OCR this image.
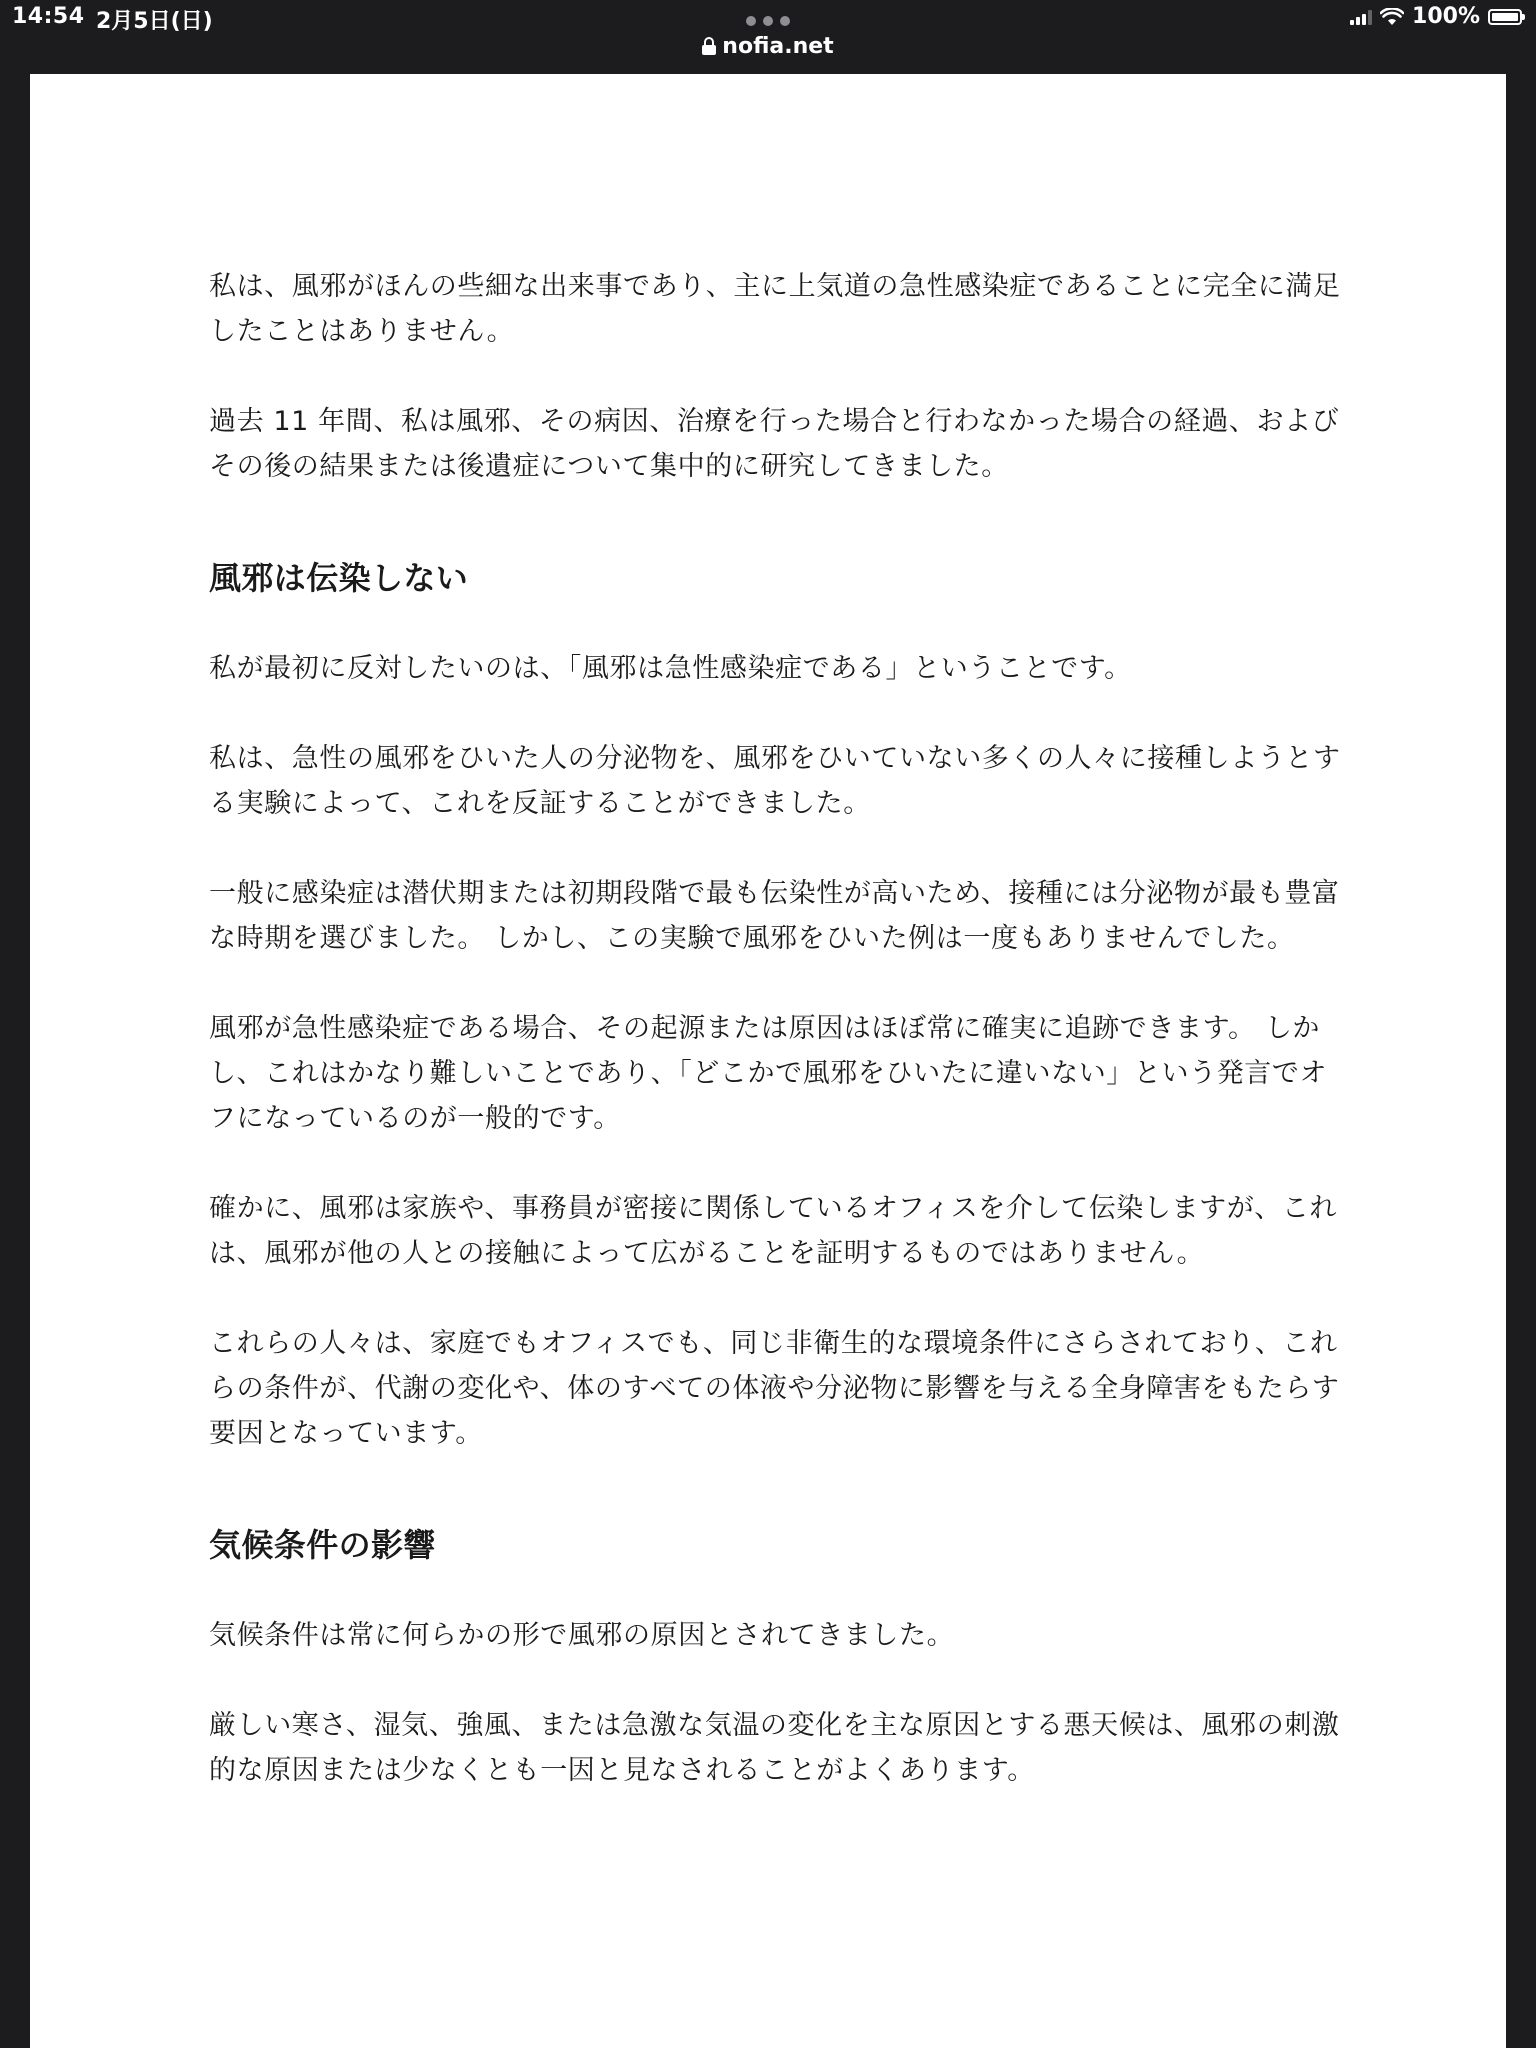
14:54 2月5日(日)
nofia.net
100%

私は、風邪がほんの些細な出来事であり、主に上気道の急性感染症であることに完全に満足したことはありません。

過去 11 年間、私は風邪、その病因、治療を行った場合と行わなかった場合の経過、およびその後の結果または後遺症について集中的に研究してきました。

風邪は伝染しない

私が最初に反対したいのは、「風邪は急性感染症である」ということです。

私は、急性の風邪をひいた人の分泌物を、風邪をひいていない多くの人々に接種しようとする実験によって、これを反証することができました。

一般に感染症は潜伏期または初期段階で最も伝染性が高いため、接種には分泌物が最も豊富な時期を選びました。 しかし、この実験で風邪をひいた例は一度もありませんでした。

風邪が急性感染症である場合、その起源または原因はほぼ常に確実に追跡できます。 しかし、これはかなり難しいことであり、「どこかで風邪をひいたに違いない」という発言でオフになっているのが一般的です。

確かに、風邪は家族や、事務員が密接に関係しているオフィスを介して伝染しますが、これは、風邪が他の人との接触によって広がることを証明するものではありません。

これらの人々は、家庭でもオフィスでも、同じ非衛生的な環境条件にさらされており、これらの条件が、代謝の変化や、体のすべての体液や分泌物に影響を与える全身障害をもたらす要因となっています。

気候条件の影響

気候条件は常に何らかの形で風邪の原因とされてきました。

厳しい寒さ、湿気、強風、または急激な気温の変化を主な原因とする悪天候は、風邪の刺激的な原因または少なくとも一因と見なされることがよくあります。
